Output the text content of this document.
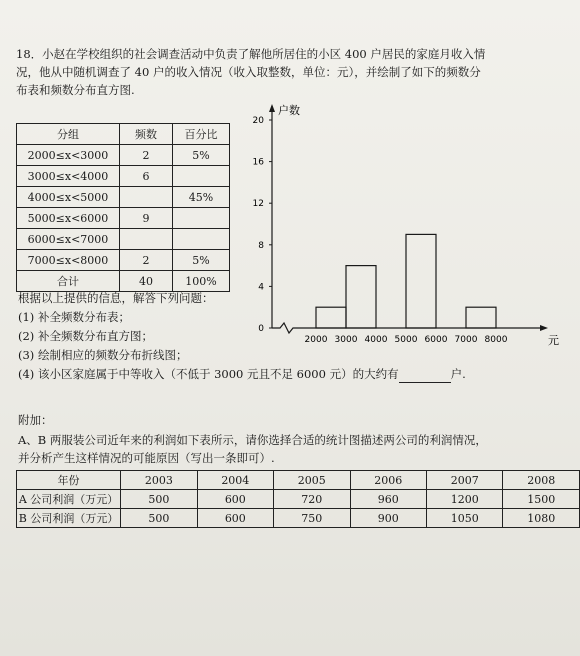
18．小赵在学校组织的社会调查活动中负责了解他所居住的小区 400 户居民的家庭月收入情
况，他从中随机调查了 40 户的收入情况（收入取整数，单位：元），并绘制了如下的频数分
布表和频数分布直方图.
分组	频数	百分比
2000≤x<3000	2	5%
3000≤x<4000	6	
4000≤x<5000		45%
5000≤x<6000	9	
6000≤x<7000		
7000≤x<8000	2	5%
合计	40	100%
0
4
8
12
16
20
户数
2000 3000 4000 5000 6000 7000 8000	元
根据以上提供的信息，解答下列问题：
(1) 补全频数分布表；
(2) 补全频数分布直方图；
(3) 绘制相应的频数分布折线图；
(4) 该小区家庭属于中等收入（不低于 3000 元且不足 6000 元）的大约有	户.
附加：
A、B 两服装公司近年来的利润如下表所示，请你选择合适的统计图描述两公司的利润情况，
并分析产生这样情况的可能原因（写出一条即可）.
年份	2003	2004	2005	2006	2007	2008
A 公司利润（万元）	500	600	720	960	1200	1500
B 公司利润（万元）	500	600	750	900	1050	1080
